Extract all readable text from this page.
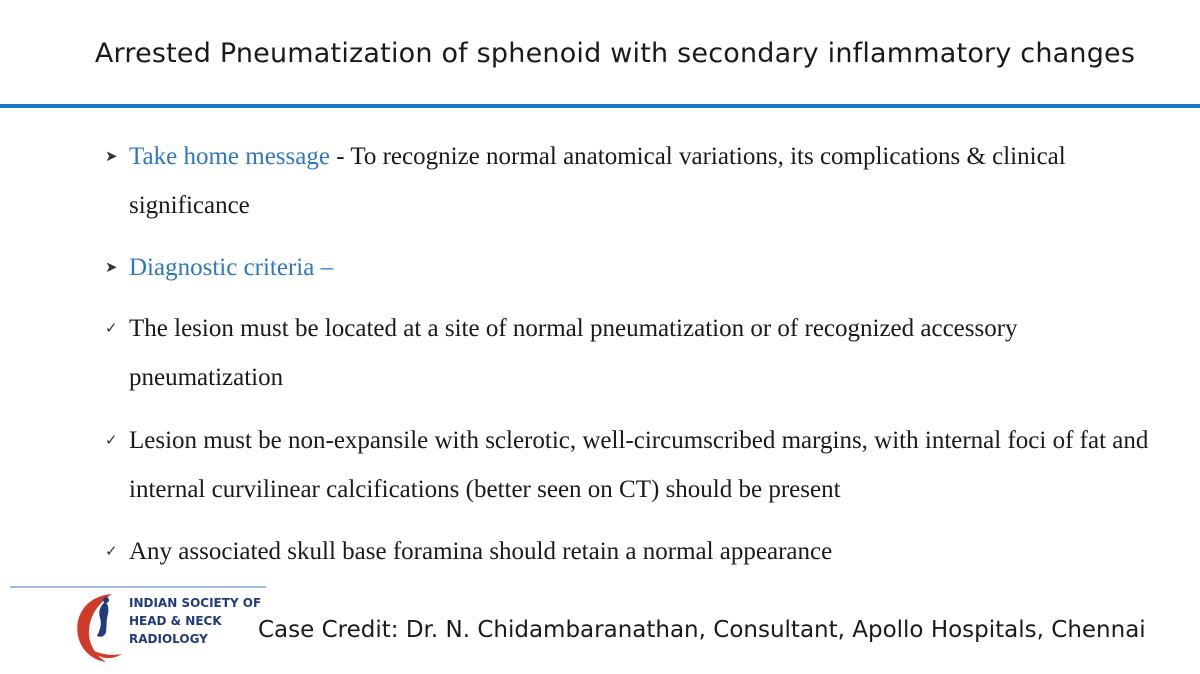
Arrested Pneumatization of sphenoid with secondary inflammatory changes
➤ Take home message - To recognize normal anatomical variations, its complications & clinical significance
➤ Diagnostic criteria –
✓ The lesion must be located at a site of normal pneumatization or of recognized accessory pneumatization
✓ Lesion must be non-expansile with sclerotic, well-circumscribed margins, with internal foci of fat and internal curvilinear calcifications (better seen on CT) should be present
✓ Any associated skull base foramina should retain a normal appearance
INDIAN SOCIETY OF
HEAD & NECK
RADIOLOGY	Case Credit: Dr. N. Chidambaranathan, Consultant, Apollo Hospitals, Chennai
